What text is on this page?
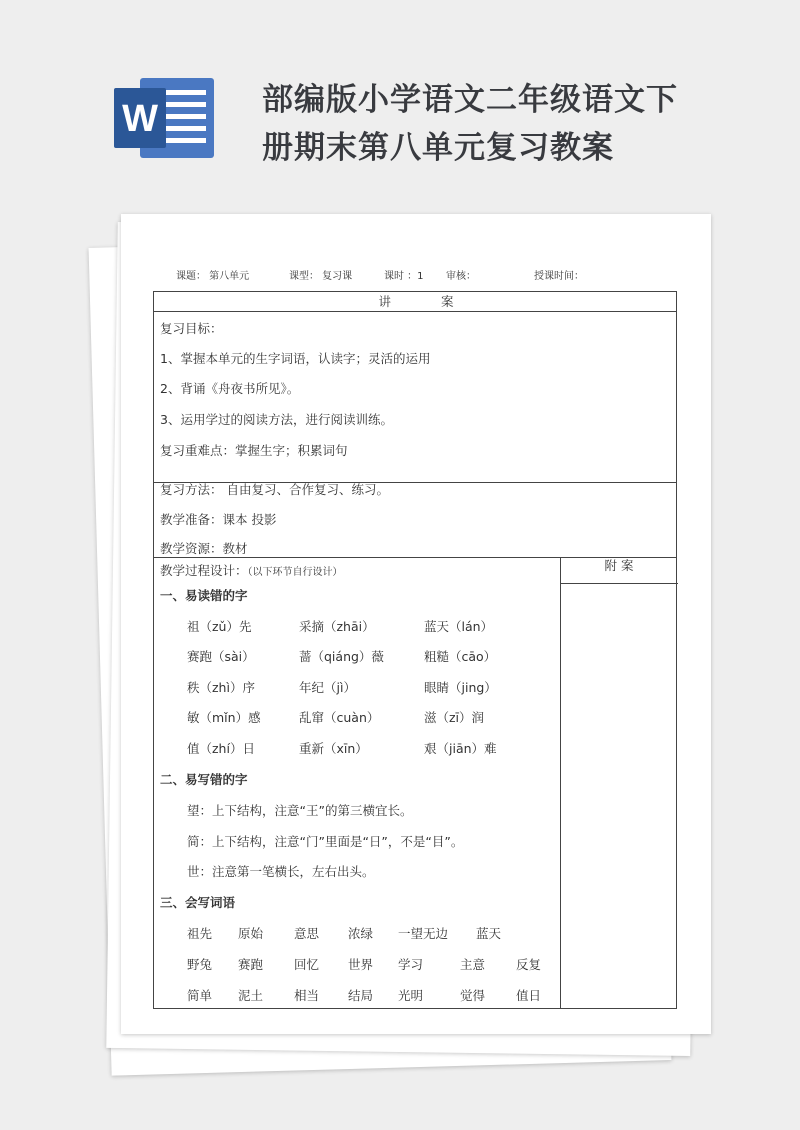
W	部编版小学语文二年级语文下册期末第八单元复习教案
课题： 第八单元	课型： 复习课	课时 ：1 审核：	授课时间：
讲　　　　案
复习目标：
1、掌握本单元的生字词语，认读字；灵活的运用
2、背诵《舟夜书所见》。
3、运用学过的阅读方法，进行阅读训练。
复习重难点：掌握生字；积累词句
复习方法： 自由复习、合作复习、练习。
教学准备：课本 投影
教学资源：教材
教学过程设计：（以下环节自行设计）	附 案
一、易读错的字
祖（zǔ）先	采摘（zhāi）	蓝天（lán）
赛跑（sài）	蔷（qiáng）薇	粗糙（cāo）
秩（zhì）序	年纪（jì）	眼睛（jing）
敏（mǐn）感	乱窜（cuàn）	滋（zī）润
值（zhí）日	重新（xīn）	艰（jiān）难
二、易写错的字
望：上下结构，注意“王”的第三横宜长。
简：上下结构，注意“门”里面是“日”，不是“目”。
世：注意第一笔横长，左右出头。
三、会写词语
祖先 原始 意思 浓绿 一望无边 蓝天
野兔 赛跑 回忆 世界 学习	主意 反复
简单 泥土 相当 结局 光明	觉得 值日
